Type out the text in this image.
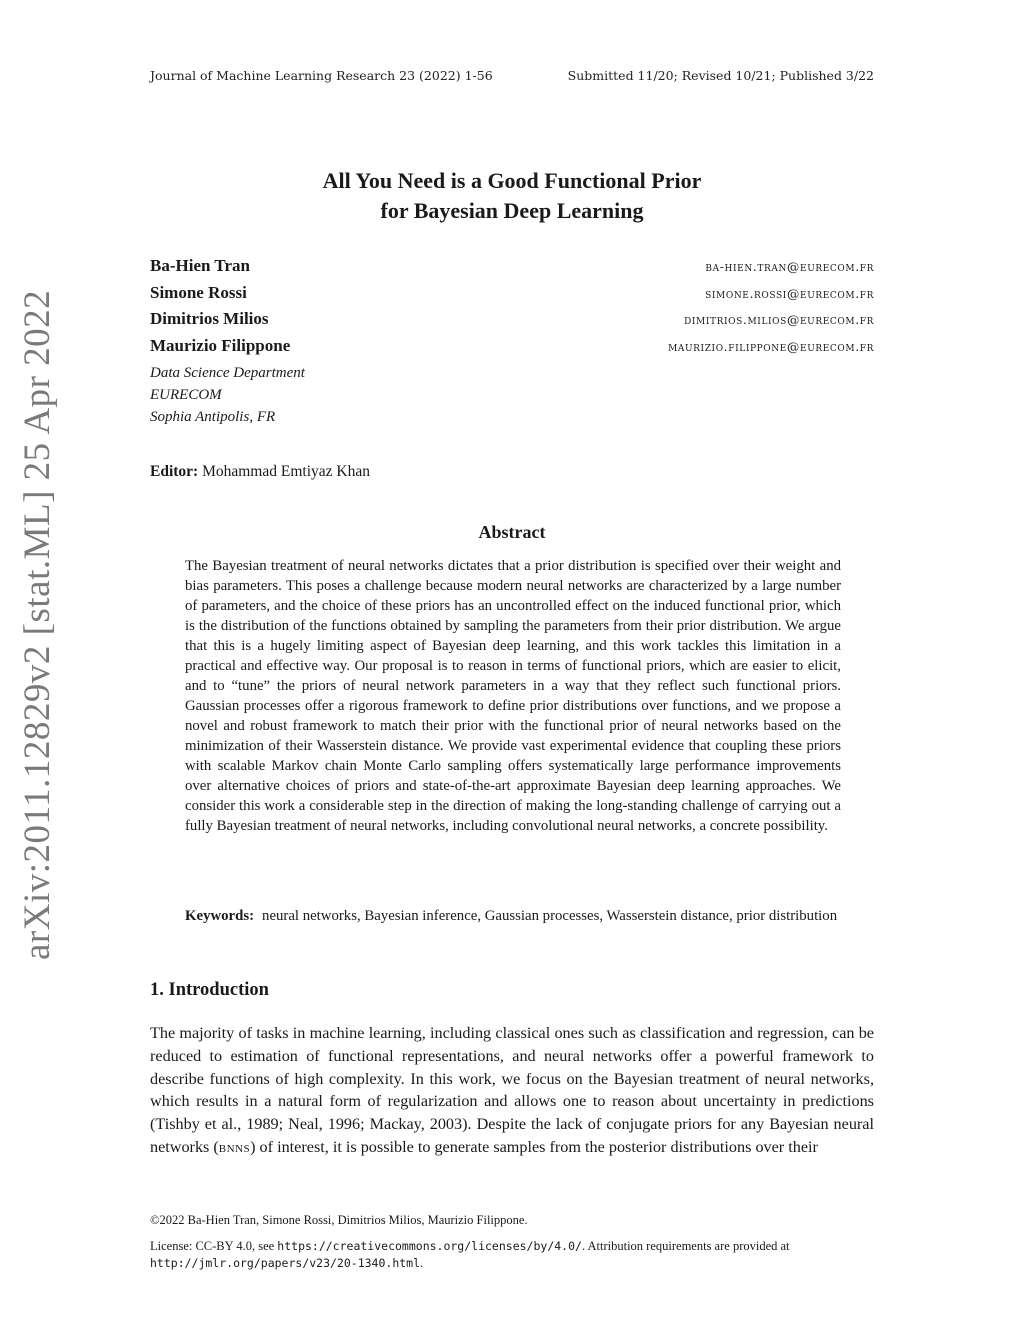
Journal of Machine Learning Research 23 (2022) 1-56	Submitted 11/20; Revised 10/21; Published 3/22
arXiv:2011.12829v2 [stat.ML] 25 Apr 2022
All You Need is a Good Functional Prior
for Bayesian Deep Learning
Ba-Hien Tran	ba-hien.tran@eurecom.fr
Simone Rossi	simone.rossi@eurecom.fr
Dimitrios Milios	dimitrios.milios@eurecom.fr
Maurizio Filippone	maurizio.filippone@eurecom.fr
Data Science Department
EURECOM
Sophia Antipolis, FR
Editor: Mohammad Emtiyaz Khan
Abstract
The Bayesian treatment of neural networks dictates that a prior distribution is specified over their weight and bias parameters. This poses a challenge because modern neural networks are characterized by a large number of parameters, and the choice of these priors has an uncontrolled effect on the induced functional prior, which is the distribution of the functions obtained by sampling the parameters from their prior distribution. We argue that this is a hugely limiting aspect of Bayesian deep learning, and this work tackles this limitation in a practical and effective way. Our proposal is to reason in terms of functional priors, which are easier to elicit, and to “tune” the priors of neural network parameters in a way that they reflect such functional priors. Gaussian processes offer a rigorous framework to define prior distributions over functions, and we propose a novel and robust framework to match their prior with the functional prior of neural networks based on the minimization of their Wasserstein distance. We provide vast experimental evidence that coupling these priors with scalable Markov chain Monte Carlo sampling offers systematically large performance improvements over alternative choices of priors and state-of-the-art approximate Bayesian deep learning approaches. We consider this work a considerable step in the direction of making the long-standing challenge of carrying out a fully Bayesian treatment of neural networks, including convolutional neural networks, a concrete possibility.
Keywords: neural networks, Bayesian inference, Gaussian processes, Wasserstein distance, prior distribution
1. Introduction
The majority of tasks in machine learning, including classical ones such as classification and regression, can be reduced to estimation of functional representations, and neural networks offer a powerful framework to describe functions of high complexity. In this work, we focus on the Bayesian treatment of neural networks, which results in a natural form of regularization and allows one to reason about uncertainty in predictions (Tishby et al., 1989; Neal, 1996; Mackay, 2003). Despite the lack of conjugate priors for any Bayesian neural networks (bnns) of interest, it is possible to generate samples from the posterior distributions over their
©2022 Ba-Hien Tran, Simone Rossi, Dimitrios Milios, Maurizio Filippone.
License: CC-BY 4.0, see https://creativecommons.org/licenses/by/4.0/. Attribution requirements are provided at http://jmlr.org/papers/v23/20-1340.html.
